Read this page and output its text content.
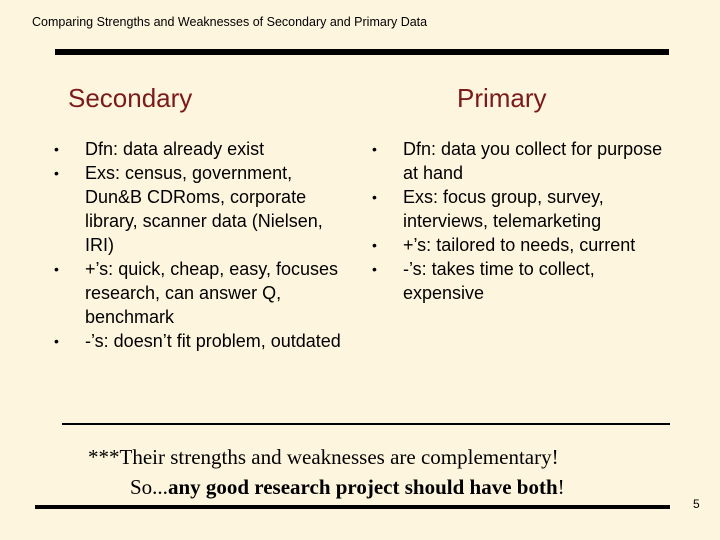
Comparing Strengths and Weaknesses of Secondary and Primary Data
Secondary	Primary
• Dfn: data already exist
• Exs: census, government, Dun&B CDRoms, corporate library, scanner data (Nielsen, IRI)
• +’s: quick, cheap, easy, focuses research, can answer Q, benchmark
• -’s: doesn’t fit problem, outdated
• Dfn: data you collect for purpose at hand
• Exs: focus group, survey, interviews, telemarketing
• +’s: tailored to needs, current
• -’s: takes time to collect, expensive
***Their strengths and weaknesses are complementary!
So...any good research project should have both!
5
